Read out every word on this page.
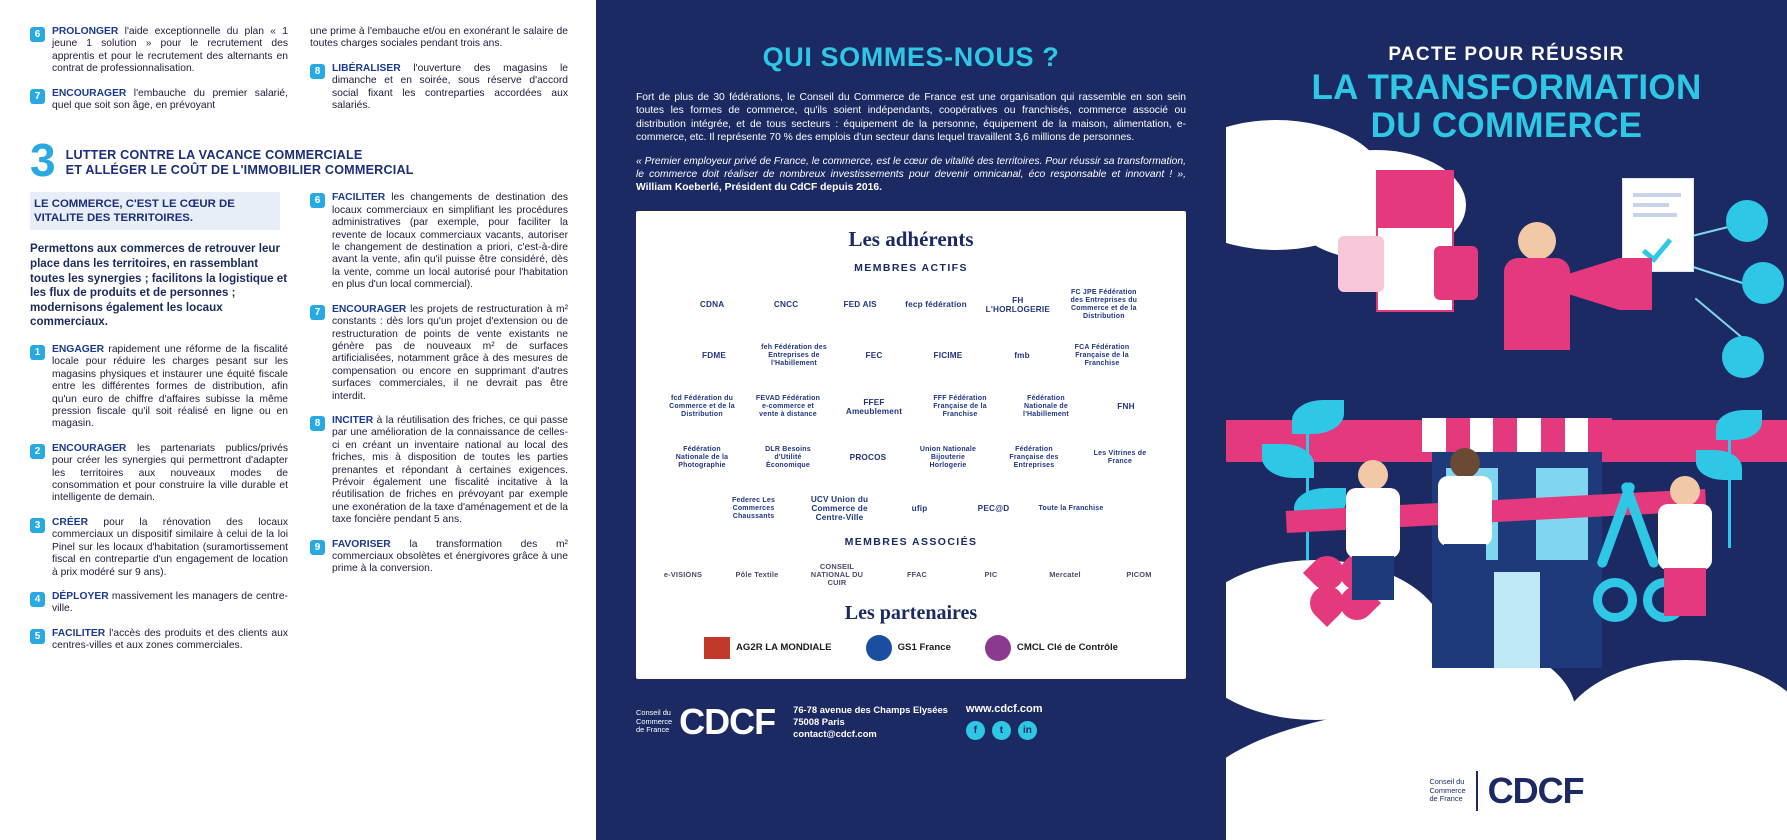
6	PROLONGER l'aide exceptionnelle du plan « 1 jeune 1 solution » pour le recrutement des apprentis et pour le recrutement des alternants en contrat de professionnalisation.
7	ENCOURAGER l'embauche du premier salarié, quel que soit son âge, en prévoyant
une prime à l'embauche et/ou en exonérant le salaire de toutes charges sociales pendant trois ans.
8	LIBÉRALISER l'ouverture des magasins le dimanche et en soirée, sous réserve d'accord social fixant les contreparties accordées aux salariés.
3 LUTTER CONTRE LA VACANCE COMMERCIALE
ET ALLÉGER LE COÛT DE L'IMMOBILIER COMMERCIAL
LE COMMERCE, C'EST LE CŒUR DE VITALITE DES TERRITOIRES.
Permettons aux commerces de retrouver leur place dans les territoires, en rassemblant toutes les synergies ; facilitons la logistique et les flux de produits et de personnes ; modernisons également les locaux commerciaux.
1	ENGAGER rapidement une réforme de la fiscalité locale pour réduire les charges pesant sur les magasins physiques et instaurer une équité fiscale entre les différentes formes de distribution, afin qu'un euro de chiffre d'affaires subisse la même pression fiscale qu'il soit réalisé en ligne ou en magasin.
2	ENCOURAGER les partenariats publics/privés pour créer les synergies qui permettront d'adapter les territoires aux nouveaux modes de consommation et pour construire la ville durable et intelligente de demain.
3	CRÉER pour la rénovation des locaux commerciaux un dispositif similaire à celui de la loi Pinel sur les locaux d'habitation (suramortissement fiscal en contrepartie d'un engagement de location à prix modéré sur 9 ans).
4	DÉPLOYER massivement les managers de centre-ville.
5	FACILITER l'accès des produits et des clients aux centres-villes et aux zones commerciales.
6	FACILITER les changements de destination des locaux commerciaux en simplifiant les procédures administratives (par exemple, pour faciliter la revente de locaux commerciaux vacants, autoriser le changement de destination a priori, c'est-à-dire avant la vente, afin qu'il puisse être considéré, dès la vente, comme un local autorisé pour l'habitation en plus d'un local commercial).
7	ENCOURAGER les projets de restructuration à m² constants : dès lors qu'un projet d'extension ou de restructuration de points de vente existants ne génère pas de nouveaux m² de surfaces artificialisées, notamment grâce à des mesures de compensation ou encore en supprimant d'autres surfaces commerciales, il ne devrait pas être interdit.
8	INCITER à la réutilisation des friches, ce qui passe par une amélioration de la connaissance de celles-ci en créant un inventaire national au local des friches, mis à disposition de toutes les parties prenantes et répondant à certaines exigences. Prévoir également une fiscalité incitative à la réutilisation de friches en prévoyant par exemple une exonération de la taxe d'aménagement et de la taxe foncière pendant 5 ans.
9	FAVORISER la transformation des m² commerciaux obsolètes et énergivores grâce à une prime à la conversion.
QUI SOMMES-NOUS ?
Fort de plus de 30 fédérations, le Conseil du Commerce de France est une organisation qui rassemble en son sein toutes les formes de commerce, qu'ils soient indépendants, coopératives ou franchisés, commerce associé ou distribution intégrée, et de tous secteurs : équipement de la personne, équipement de la maison, alimentation, e-commerce, etc. Il représente 70 % des emplois d'un secteur dans lequel travaillent 3,6 millions de personnes.
« Premier employeur privé de France, le commerce, est le cœur de vitalité des territoires. Pour réussir sa transformation, le commerce doit réaliser de nombreux investissements pour devenir omnicanal, éco responsable et innovant ! », William Koeberlé, Président du CdCF depuis 2016.
Les adhérents
MEMBRES ACTIFS
CDNA	CNCC	FED AIS	fecp fédération	FH L'HORLOGERIE
FC JPE Fédération des Entreprises du Commerce et de la Distribution
FDME
feh Fédération des Entreprises de l'Habillement
FEC	FICIME	fmb
FCA Fédération Française de la Franchise
fcd Fédération du Commerce et de la Distribution
FEVAD Fédération e-commerce et vente à distance
FFEF Ameublement
FFF Fédération Française de la Franchise
Fédération Nationale de l'Habillement
FNH
Fédération Nationale de la Photographie
DLR Besoins d'Utilité Économique
PROCOS
Union Nationale Bijouterie Horlogerie
Fédération Française des Entreprises
Les Vitrines de France
Federec Les Commerces Chaussants
UCV Union du Commerce de Centre-Ville
ufip	PEC@D	Toute la Franchise
MEMBRES ASSOCIÉS
e-VISIONS	Pôle Textile
CONSEIL NATIONAL DU CUIR
FFAC	PIC	Mercatel	PICOM
Les partenaires
AG2R LA MONDIALE	GS1 France	CMCL Clé de Contrôle
Conseil du
Commerce
de France CDCF 76-78 avenue des Champs Elysées
75008 Paris
contact@cdcf.com
www.cdcf.com
f	t	in
PACTE POUR RÉUSSIR
LA TRANSFORMATION
DU COMMERCE
Conseil du
Commerce
de France CDCF
